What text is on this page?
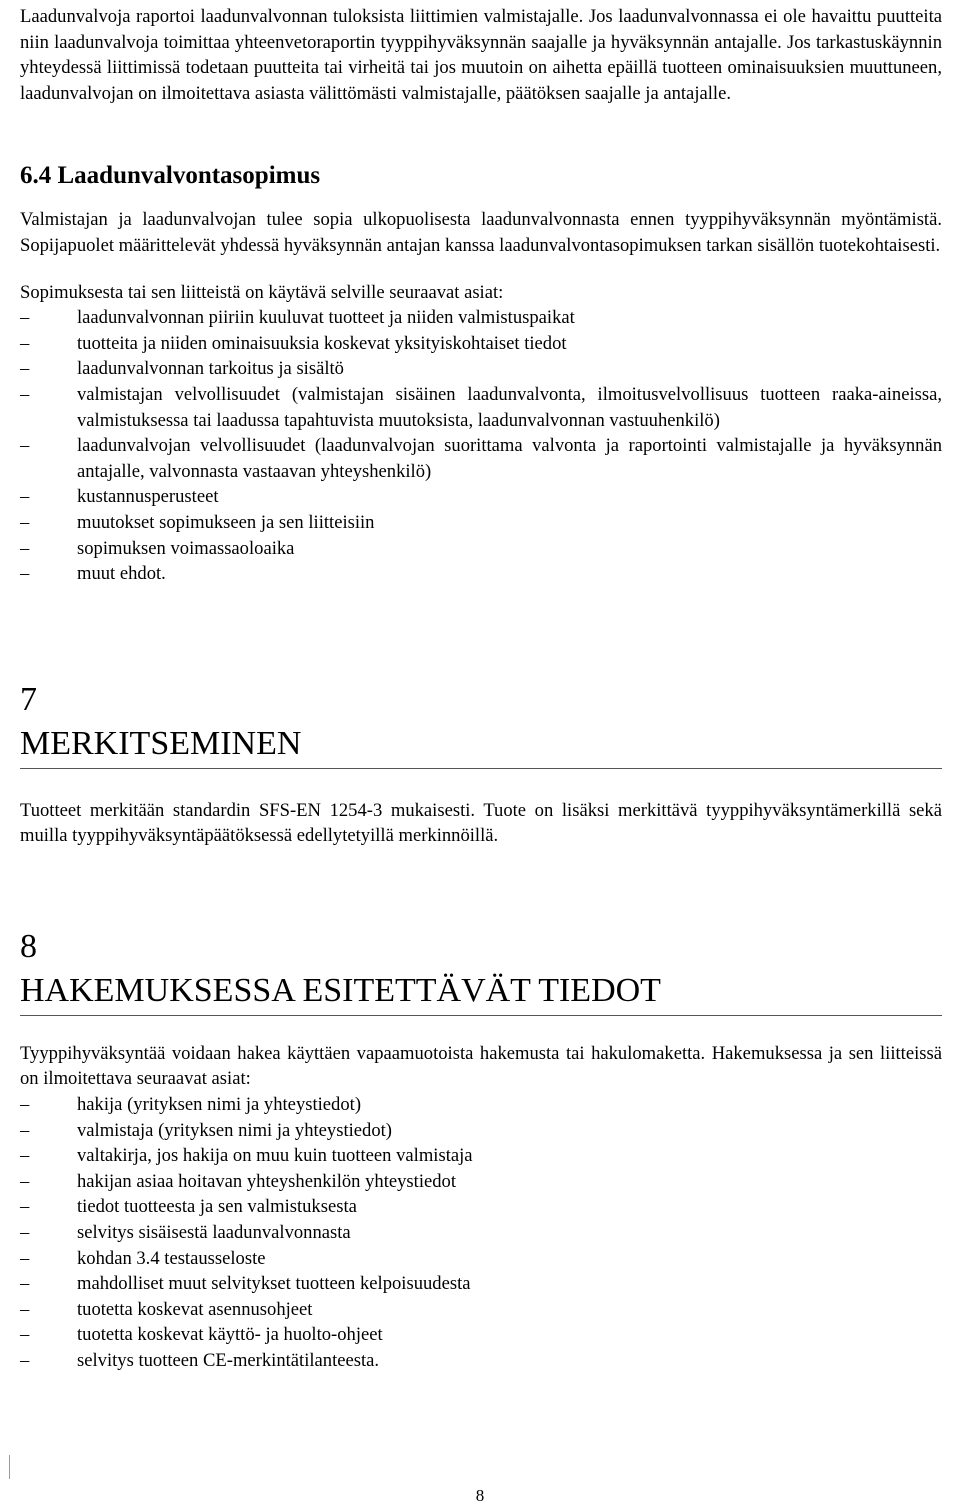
Laadunvalvoja raportoi laadunvalvonnan tuloksista liittimien valmistajalle. Jos laadunvalvonnassa ei ole havaittu puutteita niin laadunvalvoja toimittaa yhteenvetoraportin tyyppihyväksynnän saajalle ja hyväksynnän antajalle. Jos tarkastuskäynnin yhteydessä liittimissä todetaan puutteita tai virheitä tai jos muutoin on aihetta epäillä tuotteen ominaisuuksien muuttuneen, laadunvalvojan on ilmoitettava asiasta välittömästi valmistajalle, päätöksen saajalle ja antajalle.

6.4 Laadunvalvontasopimus

Valmistajan ja laadunvalvojan tulee sopia ulkopuolisesta laadunvalvonnasta ennen tyyppihyväksynnän myöntämistä. Sopijapuolet määrittelevät yhdessä hyväksynnän antajan kanssa laadunvalvontasopimuksen tarkan sisällön tuotekohtaisesti.

Sopimuksesta tai sen liitteistä on käytävä selville seuraavat asiat:

–	laadunvalvonnan piiriin kuuluvat tuotteet ja niiden valmistuspaikat
–	tuotteita ja niiden ominaisuuksia koskevat yksityiskohtaiset tiedot
–	laadunvalvonnan tarkoitus ja sisältö
–	valmistajan velvollisuudet (valmistajan sisäinen laadunvalvonta, ilmoitusvelvollisuus tuotteen raaka-aineissa, valmistuksessa tai laadussa tapahtuvista muutoksista, laadunvalvonnan vastuuhenkilö)
–	laadunvalvojan velvollisuudet (laadunvalvojan suorittama valvonta ja raportointi valmistajalle ja hyväksynnän antajalle, valvonnasta vastaavan yhteyshenkilö)
–	kustannusperusteet
–	muutokset sopimukseen ja sen liitteisiin
–	sopimuksen voimassaoloaika
–	muut ehdot.
7
MERKITSEMINEN

Tuotteet merkitään standardin SFS-EN 1254-3 mukaisesti. Tuote on lisäksi merkittävä tyyppihyväksyntämerkillä sekä muilla tyyppihyväksyntäpäätöksessä edellytetyillä merkinnöillä.

8
HAKEMUKSESSA ESITETTÄVÄT TIEDOT

Tyyppihyväksyntää voidaan hakea käyttäen vapaamuotoista hakemusta tai hakulomaketta. Hakemuksessa ja sen liitteissä on ilmoitettava seuraavat asiat:

–	hakija (yrityksen nimi ja yhteystiedot)
–	valmistaja (yrityksen nimi ja yhteystiedot)
–	valtakirja, jos hakija on muu kuin tuotteen valmistaja
–	hakijan asiaa hoitavan yhteyshenkilön yhteystiedot
–	tiedot tuotteesta ja sen valmistuksesta
–	selvitys sisäisestä laadunvalvonnasta
–	kohdan 3.4 testausseloste
–	mahdolliset muut selvitykset tuotteen kelpoisuudesta
–	tuotetta koskevat asennusohjeet
–	tuotetta koskevat käyttö- ja huolto-ohjeet
–	selvitys tuotteen CE-merkintätilanteesta.
8
